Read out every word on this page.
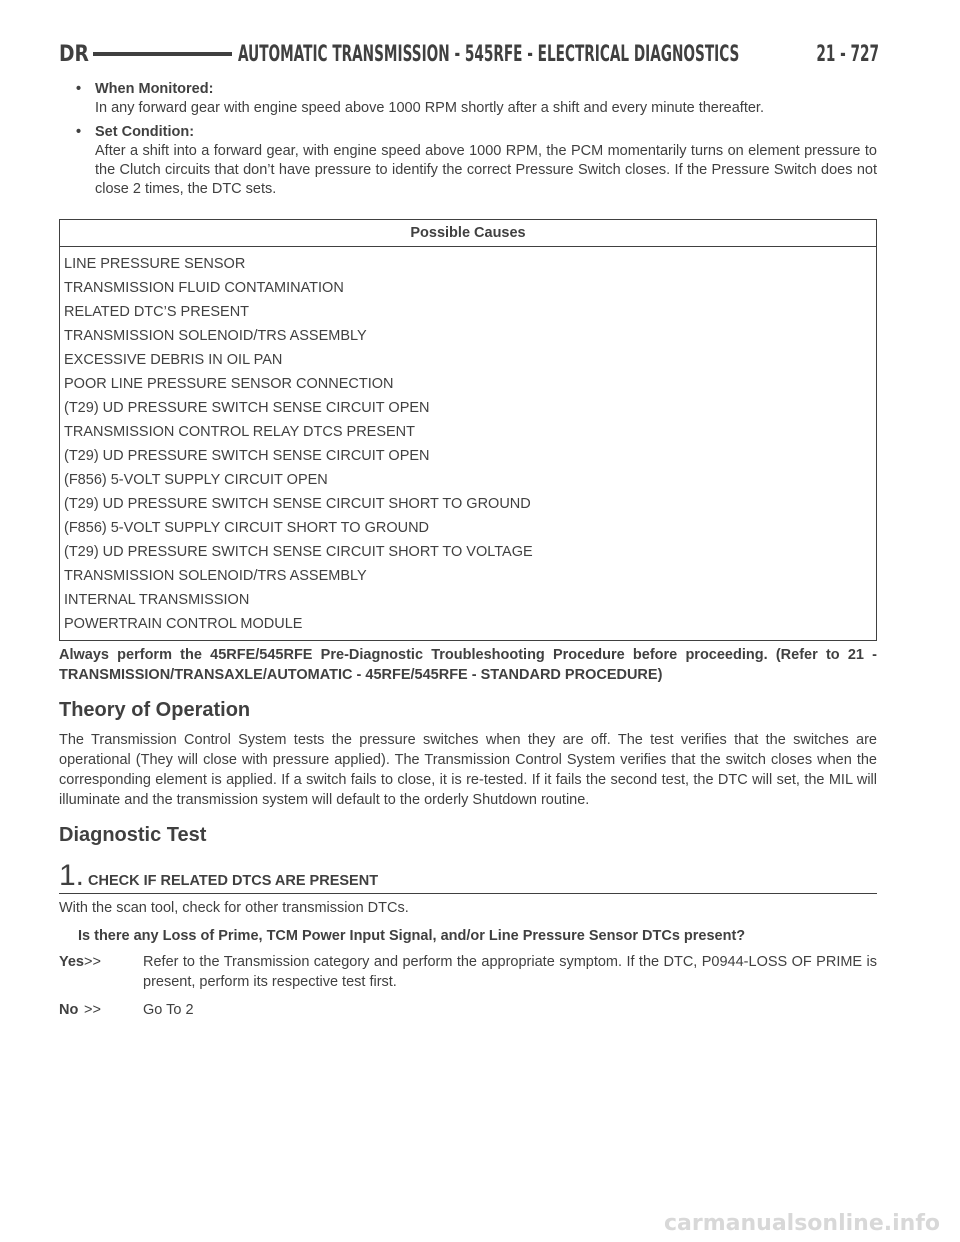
DR	AUTOMATIC TRANSMISSION - 545RFE - ELECTRICAL DIAGNOSTICS	21 - 727
• When Monitored:
In any forward gear with engine speed above 1000 RPM shortly after a shift and every minute thereafter.
• Set Condition:
After a shift into a forward gear, with engine speed above 1000 RPM, the PCM momentarily turns on element pressure to the Clutch circuits that don’t have pressure to identify the correct Pressure Switch closes. If the Pressure Switch does not close 2 times, the DTC sets.
Possible Causes
LINE PRESSURE SENSOR
TRANSMISSION FLUID CONTAMINATION
RELATED DTC’S PRESENT
TRANSMISSION SOLENOID/TRS ASSEMBLY
EXCESSIVE DEBRIS IN OIL PAN
POOR LINE PRESSURE SENSOR CONNECTION
(T29) UD PRESSURE SWITCH SENSE CIRCUIT OPEN
TRANSMISSION CONTROL RELAY DTCS PRESENT
(T29) UD PRESSURE SWITCH SENSE CIRCUIT OPEN
(F856) 5-VOLT SUPPLY CIRCUIT OPEN
(T29) UD PRESSURE SWITCH SENSE CIRCUIT SHORT TO GROUND
(F856) 5-VOLT SUPPLY CIRCUIT SHORT TO GROUND
(T29) UD PRESSURE SWITCH SENSE CIRCUIT SHORT TO VOLTAGE
TRANSMISSION SOLENOID/TRS ASSEMBLY
INTERNAL TRANSMISSION
POWERTRAIN CONTROL MODULE
Always perform the 45RFE/545RFE Pre-Diagnostic Troubleshooting Procedure before proceeding. (Refer to 21 - TRANSMISSION/TRANSAXLE/AUTOMATIC - 45RFE/545RFE - STANDARD PROCEDURE)
Theory of Operation
The Transmission Control System tests the pressure switches when they are off. The test verifies that the switches are operational (They will close with pressure applied). The Transmission Control System verifies that the switch closes when the corresponding element is applied. If a switch fails to close, it is re-tested. If it fails the second test, the DTC will set, the MIL will illuminate and the transmission system will default to the orderly Shutdown routine.
Diagnostic Test
1. CHECK IF RELATED DTCS ARE PRESENT
With the scan tool, check for other transmission DTCs.
Is there any Loss of Prime, TCM Power Input Signal, and/or Line Pressure Sensor DTCs present?
Yes >>	Refer to the Transmission category and perform the appropriate symptom. If the DTC, P0944-LOSS OF PRIME is present, perform its respective test first.
No >>	Go To 2
carmanualsonline.info
